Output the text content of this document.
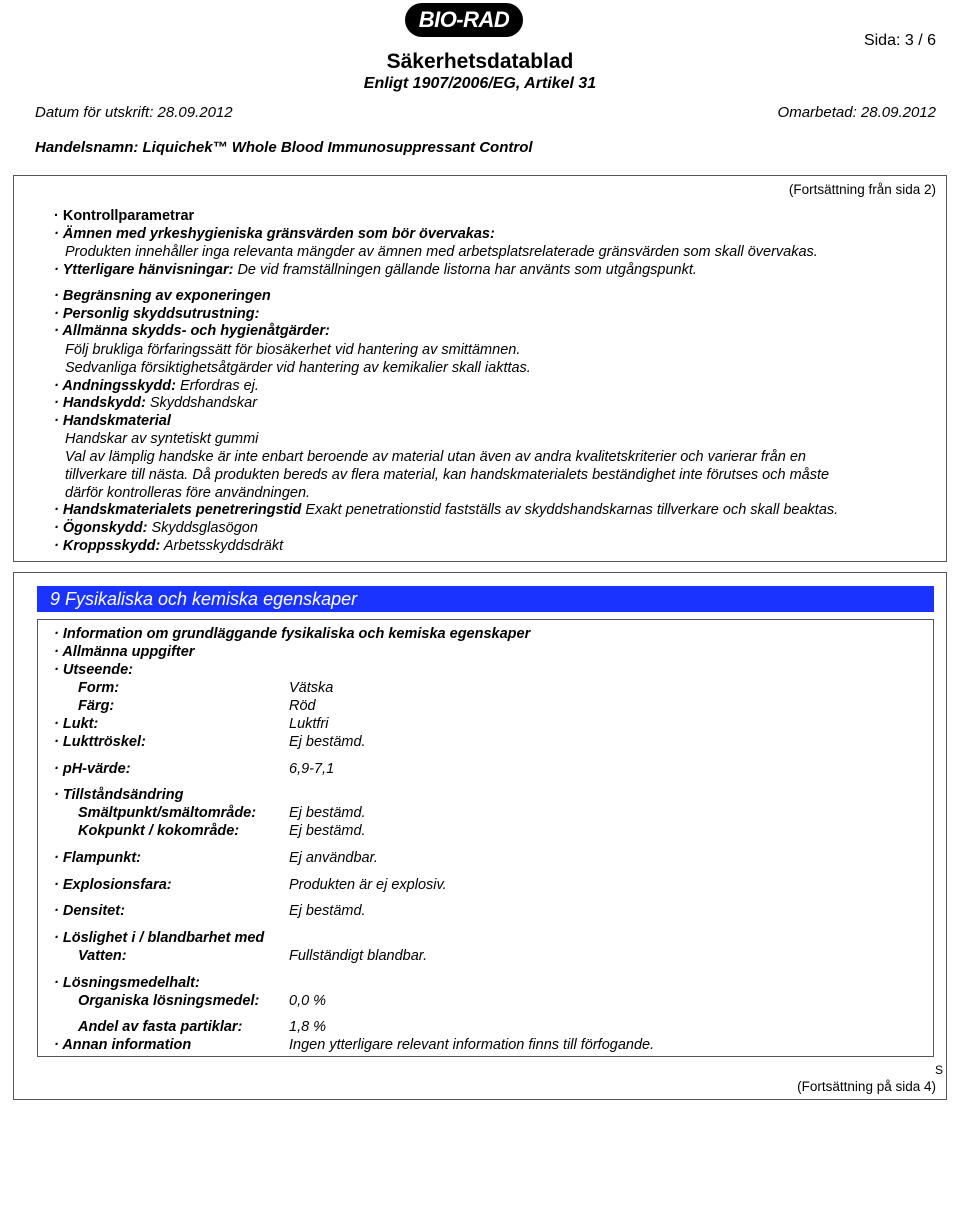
BIO-RAD
Sida: 3 / 6
Säkerhetsdatablad
Enligt 1907/2006/EG, Artikel 31
Datum för utskrift: 28.09.2012	Omarbetad: 28.09.2012
Handelsnamn: Liquichek™ Whole Blood Immunosuppressant Control
(Fortsättning från sida 2)
· Kontrollparametrar
· Ämnen med yrkeshygieniska gränsvärden som bör övervakas:
Produkten innehåller inga relevanta mängder av ämnen med arbetsplatsrelaterade gränsvärden som skall övervakas.
· Ytterligare hänvisningar: De vid framställningen gällande listorna har använts som utgångspunkt.
· Begränsning av exponeringen
· Personlig skyddsutrustning:
· Allmänna skydds- och hygienåtgärder:
Följ brukliga förfaringssätt för biosäkerhet vid hantering av smittämnen.
Sedvanliga försiktighetsåtgärder vid hantering av kemikalier skall iakttas.
· Andningsskydd: Erfordras ej.
· Handskydd: Skyddshandskar
· Handskmaterial
Handskar av syntetiskt gummi
Val av lämplig handske är inte enbart beroende av material utan även av andra kvalitetskriterier och varierar från en
tillverkare till nästa. Då produkten bereds av flera material, kan handskmaterialets beständighet inte förutses och måste
därför kontrolleras före användningen.
· Handskmaterialets penetreringstid Exakt penetrationstid fastställs av skyddshandskarnas tillverkare och skall beaktas.
· Ögonskydd: Skyddsglasögon
· Kroppsskydd: Arbetsskyddsdräkt
9 Fysikaliska och kemiska egenskaper
· Information om grundläggande fysikaliska och kemiska egenskaper
· Allmänna uppgifter
· Utseende:
Form:	Vätska
Färg:	Röd
· Lukt:	Luktfri
· Lukttröskel:	Ej bestämd.
· pH-värde:	6,9-7,1
· Tillståndsändring
Smältpunkt/smältområde: Ej bestämd.
Kokpunkt / kokområde:	Ej bestämd.
· Flampunkt:	Ej användbar.
· Explosionsfara:	Produkten är ej explosiv.
· Densitet:	Ej bestämd.
· Löslighet i / blandbarhet med
Vatten:	Fullständigt blandbar.
· Lösningsmedelhalt:
Organiska lösningsmedel: 0,0 %
Andel av fasta partiklar:	1,8 %
· Annan information	Ingen ytterligare relevant information finns till förfogande.
S
(Fortsättning på sida 4)
